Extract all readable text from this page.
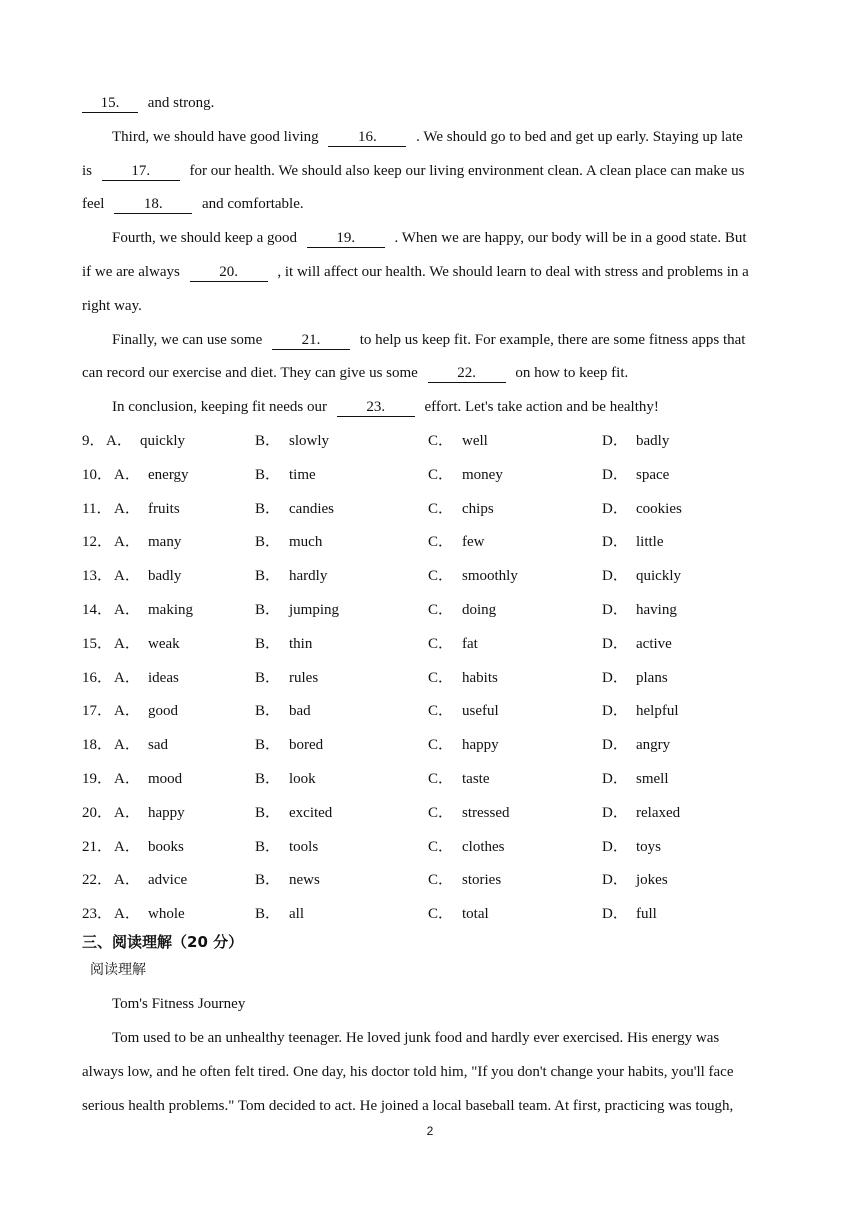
15. and strong.
Third, we should have good living 16. . We should go to bed and get up early. Staying up late
is 17. for our health. We should also keep our living environment clean. A clean place can make us
feel 18. and comfortable.
Fourth, we should keep a good 19. . When we are happy, our body will be in a good state. But
if we are always 20. , it will affect our health. We should learn to deal with stress and problems in a
right way.
Finally, we can use some 21. to help us keep fit. For example, there are some fitness apps that
can record our exercise and diet. They can give us some 22. on how to keep fit.
In conclusion, keeping fit needs our 23. effort. Let's take action and be healthy!
9． A． quickly	B． slowly	C． well	D． badly
10． A． energy	B． time	C． money	D． space
11． A． fruits	B． candies	C． chips	D． cookies
12． A． many	B． much	C． few	D． little
13． A． badly	B． hardly	C． smoothly	D． quickly
14． A． making	B． jumping	C． doing	D． having
15． A． weak	B． thin	C． fat	D． active
16． A． ideas	B． rules	C． habits	D． plans
17． A． good	B． bad	C． useful	D． helpful
18． A． sad	B． bored	C． happy	D． angry
19． A． mood	B． look	C． taste	D． smell
20． A． happy	B． excited	C． stressed	D． relaxed
21． A． books	B． tools	C． clothes	D． toys
22． A． advice	B． news	C． stories	D． jokes
23． A． whole	B． all	C． total	D． full
三、阅读理解（20 分）
阅读理解
Tom's Fitness Journey
Tom used to be an unhealthy teenager. He loved junk food and hardly ever exercised. His energy was
always low, and he often felt tired. One day, his doctor told him, "If you don't change your habits, you'll face
serious health problems." Tom decided to act. He joined a local baseball team. At first, practicing was tough,
2
